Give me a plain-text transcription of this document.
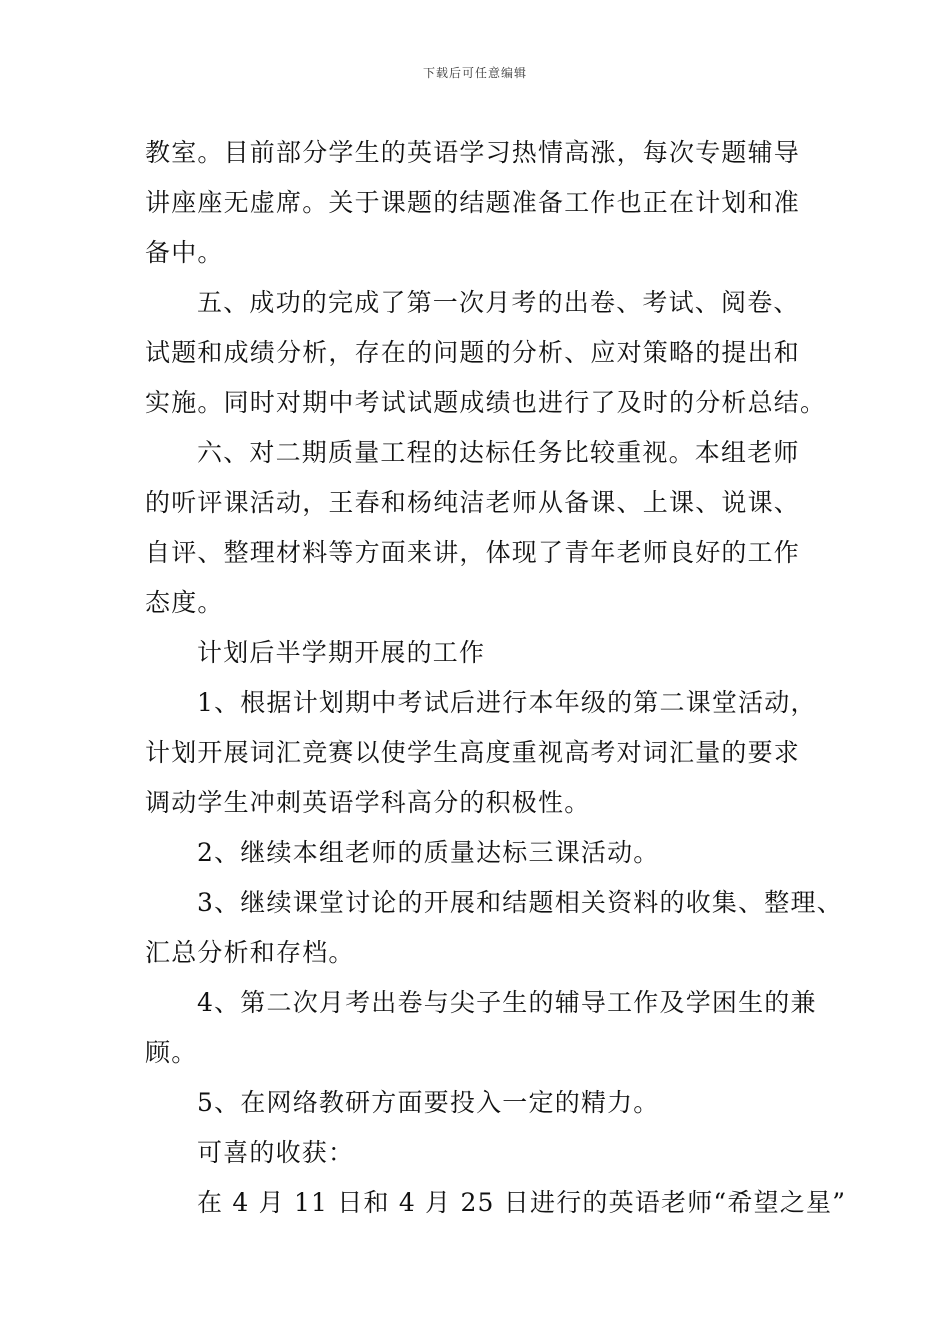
下载后可任意编辑

教室。目前部分学生的英语学习热情高涨，每次专题辅导
讲座座无虚席。关于课题的结题准备工作也正在计划和准
备中。

五、成功的完成了第一次月考的出卷、考试、阅卷、
试题和成绩分析，存在的问题的分析、应对策略的提出和
实施。同时对期中考试试题成绩也进行了及时的分析总结。

六、对二期质量工程的达标任务比较重视。本组老师
的听评课活动，王春和杨纯洁老师从备课、上课、说课、
自评、整理材料等方面来讲，体现了青年老师良好的工作
态度。

计划后半学期开展的工作

1、根据计划期中考试后进行本年级的第二课堂活动，
计划开展词汇竞赛以使学生高度重视高考对词汇量的要求
调动学生冲刺英语学科高分的积极性。

2、继续本组老师的质量达标三课活动。

3、继续课堂讨论的开展和结题相关资料的收集、整理、
汇总分析和存档。

4、第二次月考出卷与尖子生的辅导工作及学困生的兼
顾。

5、在网络教研方面要投入一定的精力。

可喜的收获：

在 4 月 11 日和 4 月 25 日进行的英语老师“希望之星”
